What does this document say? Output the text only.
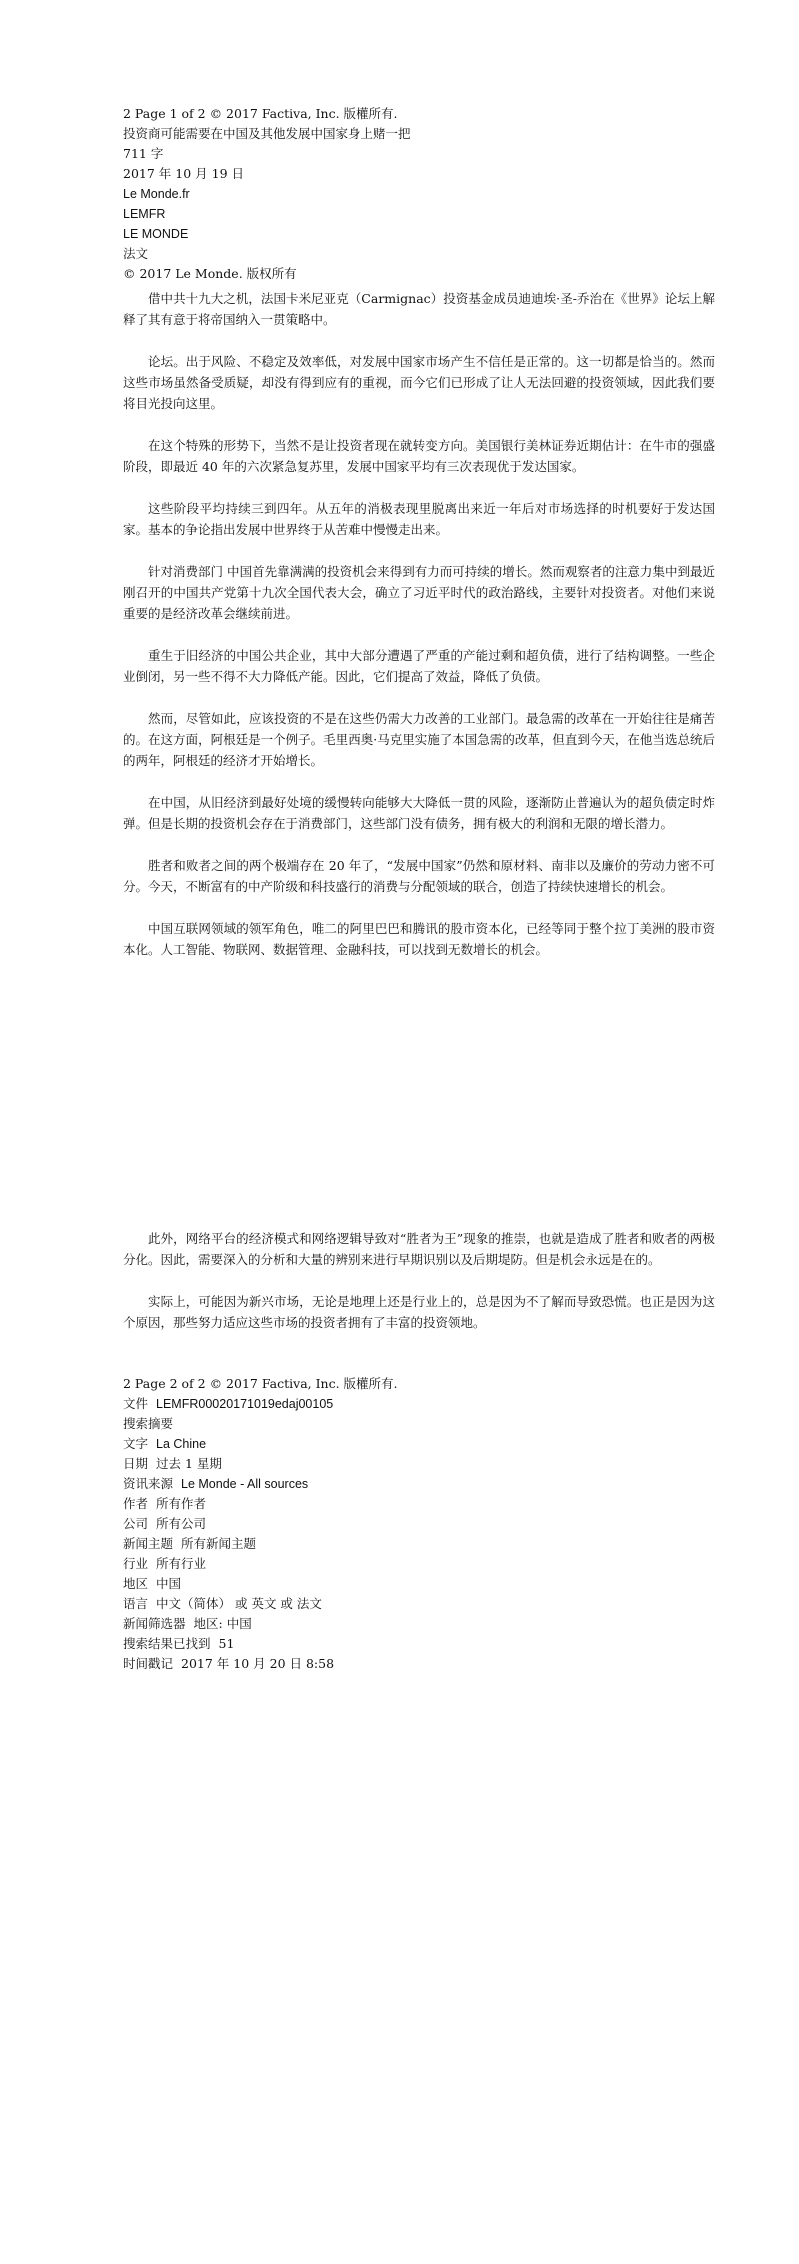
2 Page 1 of 2 © 2017 Factiva, Inc. 版權所有.
投资商可能需要在中国及其他发展中国家身上赌一把
711 字
2017 年 10 月 19 日
Le Monde.fr
LEMFR
LE MONDE
法文
© 2017 Le Monde. 版权所有

借中共十九大之机，法国卡米尼亚克（Carmignac）投资基金成员迪迪埃·圣-乔治在《世界》论坛上解释了其有意于将帝国纳入一贯策略中。

论坛。出于风险、不稳定及效率低，对发展中国家市场产生不信任是正常的。这一切都是恰当的。然而这些市场虽然备受质疑，却没有得到应有的重视，而今它们已形成了让人无法回避的投资领域，因此我们要将目光投向这里。

在这个特殊的形势下，当然不是让投资者现在就转变方向。美国银行美林证券近期估计：在牛市的强盛阶段，即最近 40 年的六次紧急复苏里，发展中国家平均有三次表现优于发达国家。

这些阶段平均持续三到四年。从五年的消极表现里脱离出来近一年后对市场选择的时机要好于发达国家。基本的争论指出发展中世界终于从苦难中慢慢走出来。

针对消费部门 中国首先靠满满的投资机会来得到有力而可持续的增长。然而观察者的注意力集中到最近刚召开的中国共产党第十九次全国代表大会，确立了习近平时代的政治路线，主要针对投资者。对他们来说重要的是经济改革会继续前进。

重生于旧经济的中国公共企业，其中大部分遭遇了严重的产能过剩和超负债，进行了结构调整。一些企业倒闭，另一些不得不大力降低产能。因此，它们提高了效益，降低了负债。

然而，尽管如此，应该投资的不是在这些仍需大力改善的工业部门。最急需的改革在一开始往往是痛苦的。在这方面，阿根廷是一个例子。毛里西奥·马克里实施了本国急需的改革，但直到今天，在他当选总统后的两年，阿根廷的经济才开始增长。

在中国，从旧经济到最好处境的缓慢转向能够大大降低一贯的风险，逐渐防止普遍认为的超负债定时炸弹。但是长期的投资机会存在于消费部门，这些部门没有债务，拥有极大的利润和无限的增长潜力。

胜者和败者之间的两个极端存在 20 年了，“发展中国家”仍然和原材料、南非以及廉价的劳动力密不可分。今天，不断富有的中产阶级和科技盛行的消费与分配领域的联合，创造了持续快速增长的机会。

中国互联网领域的领军角色，唯二的阿里巴巴和腾讯的股市资本化，已经等同于整个拉丁美洲的股市资本化。人工智能、物联网、数据管理、金融科技，可以找到无数增长的机会。

此外，网络平台的经济模式和网络逻辑导致对“胜者为王”现象的推崇，也就是造成了胜者和败者的两极分化。因此，需要深入的分析和大量的辨别来进行早期识别以及后期堤防。但是机会永远是在的。

实际上，可能因为新兴市场，无论是地理上还是行业上的，总是因为不了解而导致恐慌。也正是因为这个原因，那些努力适应这些市场的投资者拥有了丰富的投资领地。

2 Page 2 of 2 © 2017 Factiva, Inc. 版權所有.
文件 LEMFR00020171019edaj00105
搜索摘要
文字 La Chine
日期 过去 1 星期
资讯来源 Le Monde - All sources
作者 所有作者
公司 所有公司
新闻主题 所有新闻主题
行业 所有行业
地区 中国
语言 中文（简体） 或 英文 或 法文
新闻筛选器 地区: 中国
搜索结果已找到 51
时间戳记 2017 年 10 月 20 日 8:58
